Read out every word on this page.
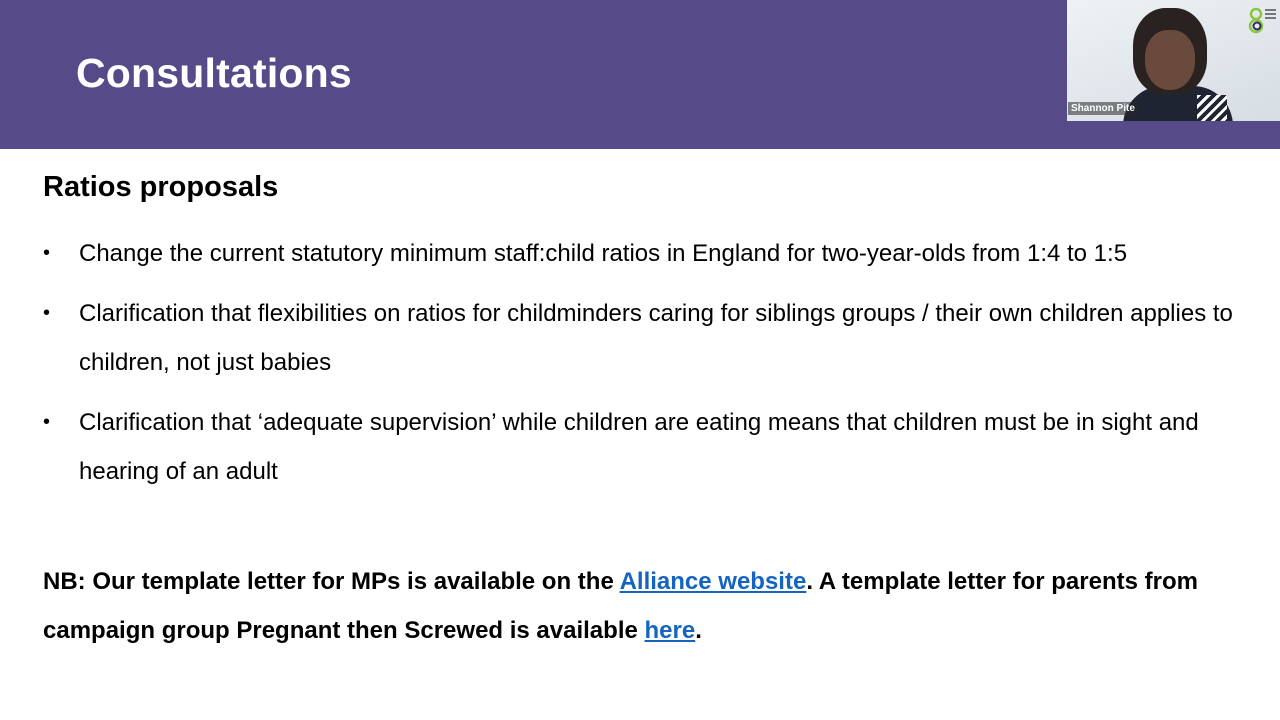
Consultations
Shannon Pite
Ratios proposals
• Change the current statutory minimum staff:child ratios in England for two-year-olds from 1:4 to 1:5
• Clarification that flexibilities on ratios for childminders caring for siblings groups / their own children applies to children, not just babies
• Clarification that ‘adequate supervision’ while children are eating means that children must be in sight and hearing of an adult
NB: Our template letter for MPs is available on the Alliance website. A template letter for parents from campaign group Pregnant then Screwed is available here.
